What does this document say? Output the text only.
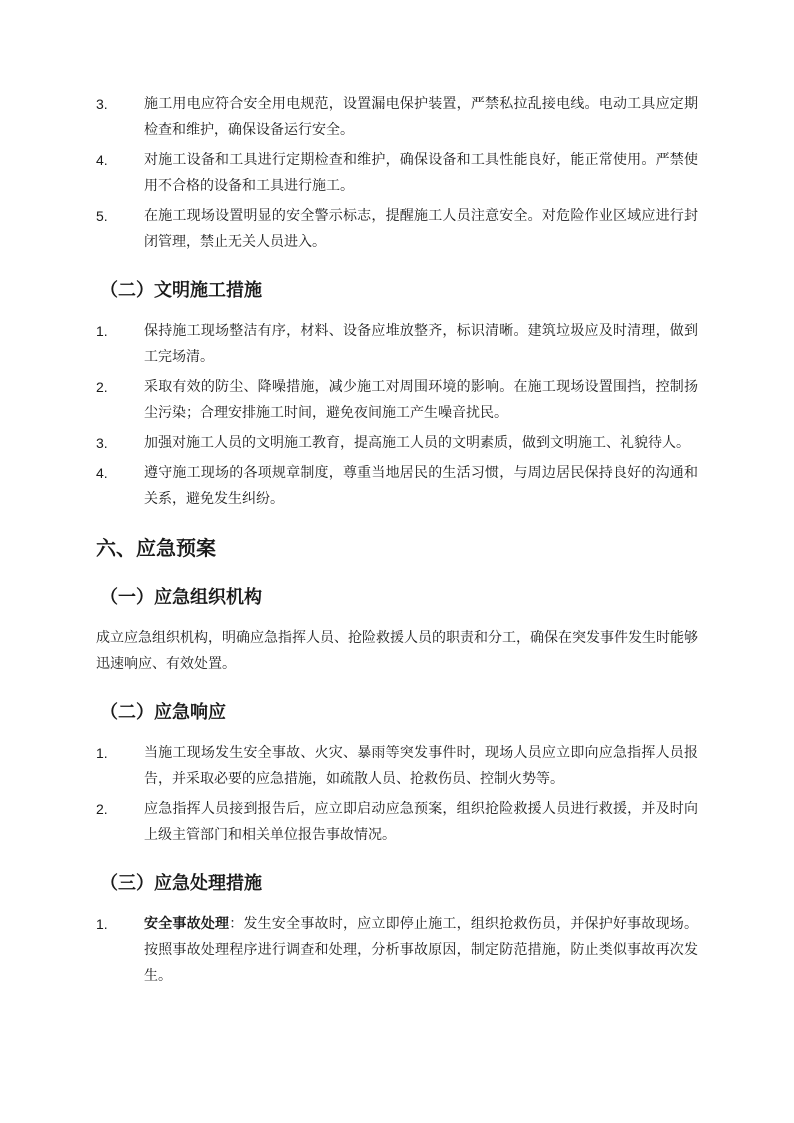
3.	施工用电应符合安全用电规范，设置漏电保护装置，严禁私拉乱接电线。电动工具应定期检查和维护，确保设备运行安全。
4.	对施工设备和工具进行定期检查和维护，确保设备和工具性能良好，能正常使用。严禁使用不合格的设备和工具进行施工。
5.	在施工现场设置明显的安全警示标志，提醒施工人员注意安全。对危险作业区域应进行封闭管理，禁止无关人员进入。
（二）文明施工措施
1.	保持施工现场整洁有序，材料、设备应堆放整齐，标识清晰。建筑垃圾应及时清理，做到工完场清。
2.	采取有效的防尘、降噪措施，减少施工对周围环境的影响。在施工现场设置围挡，控制扬尘污染；合理安排施工时间，避免夜间施工产生噪音扰民。
3.	加强对施工人员的文明施工教育，提高施工人员的文明素质，做到文明施工、礼貌待人。
4.	遵守施工现场的各项规章制度，尊重当地居民的生活习惯，与周边居民保持良好的沟通和关系，避免发生纠纷。
六、应急预案
（一）应急组织机构

成立应急组织机构，明确应急指挥人员、抢险救援人员的职责和分工，确保在突发事件发生时能够迅速响应、有效处置。

（二）应急响应
1.	当施工现场发生安全事故、火灾、暴雨等突发事件时，现场人员应立即向应急指挥人员报告，并采取必要的应急措施，如疏散人员、抢救伤员、控制火势等。
2.	应急指挥人员接到报告后，应立即启动应急预案，组织抢险救援人员进行救援，并及时向上级主管部门和相关单位报告事故情况。
（三）应急处理措施
1.	安全事故处理：发生安全事故时，应立即停止施工，组织抢救伤员，并保护好事故现场。按照事故处理程序进行调查和处理，分析事故原因，制定防范措施，防止类似事故再次发生。
